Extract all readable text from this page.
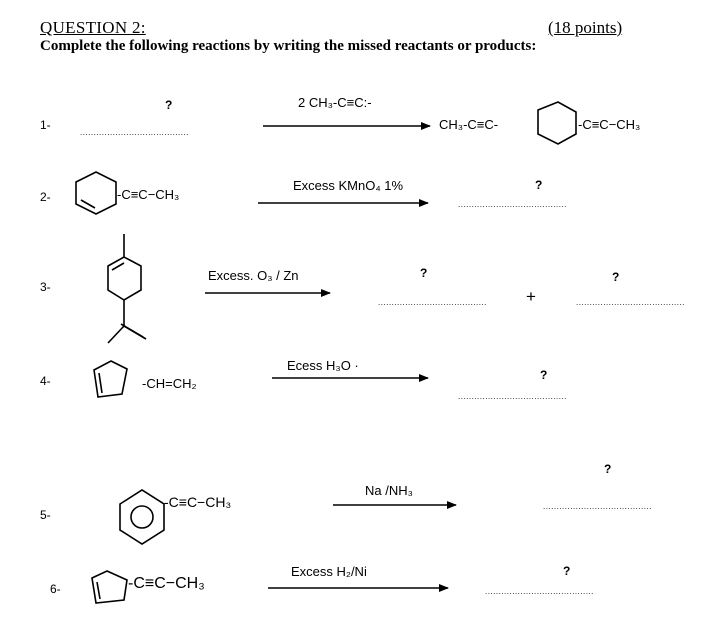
QUESTION 2:	(18 points)
Complete the following reactions by writing the missed reactants or products:
1-
?
........................................
2 CH₃-C≡C:-
CH₃-C≡C-	-C≡C−CH₃
2-	-C≡C−CH₃
Excess KMnO₄ 1%	?
........................................
3-
Excess. O₃ / Zn	?
........................................ +
?
........................................
4-	-CH=CH₂
Ecess H₃O ·
?
........................................
5-
-C≡C−CH₃
Na /NH₃
?
........................................
6-	-C≡C−CH₃
Excess H₂/Ni	?
........................................
